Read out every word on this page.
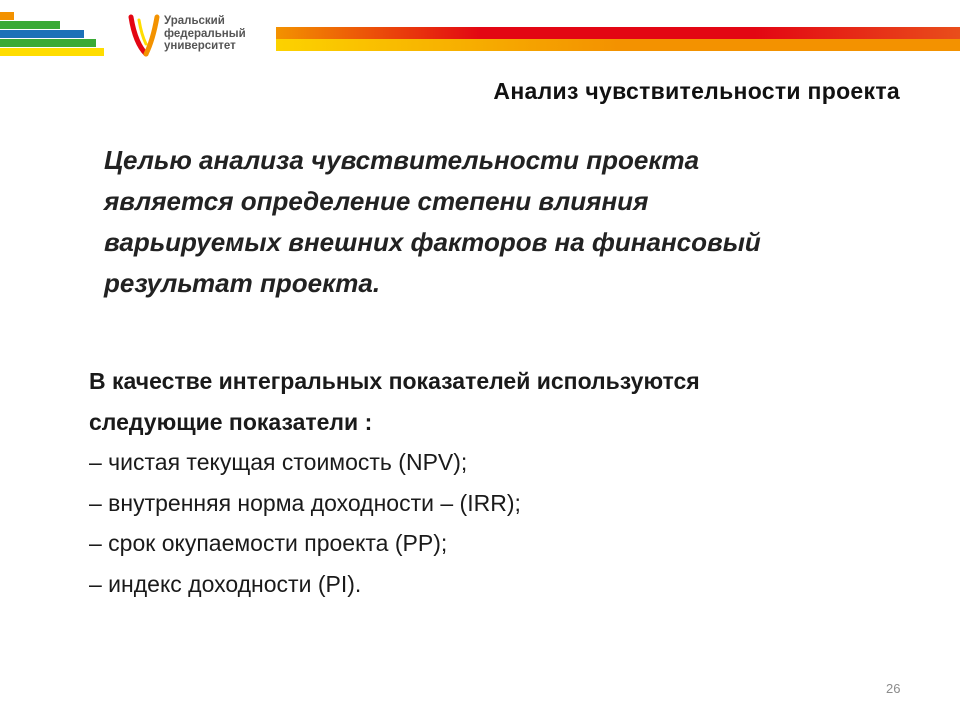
Уральский
федеральный
университет
Анализ чувствительности проекта

Целью анализа чувствительности проекта
является определение степени влияния
варьируемых внешних факторов на финансовый
результат проекта.

В качестве интегральных показателей используются
следующие показатели :

– чистая текущая стоимость (NPV);
– внутренняя норма доходности – (IRR);
– срок окупаемости проекта (PP);
– индекс доходности (PI).
26
